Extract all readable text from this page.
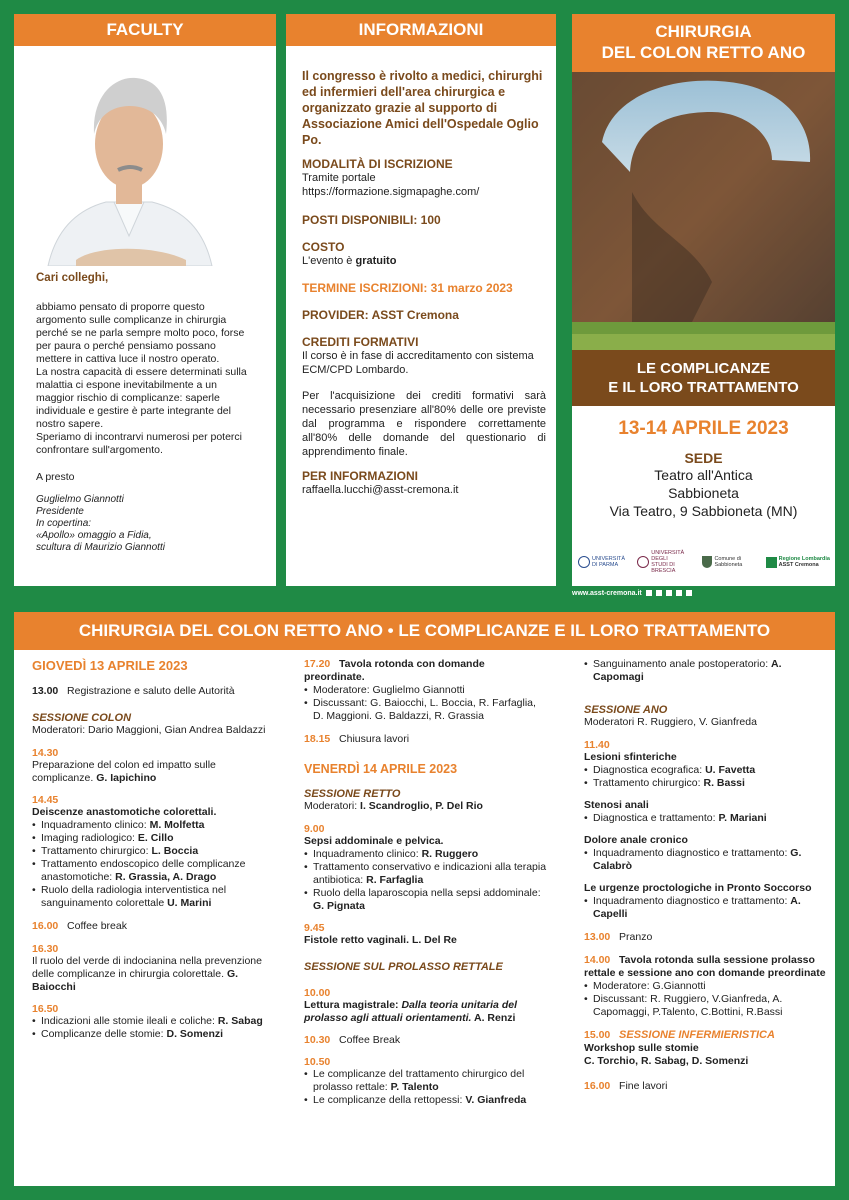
FACULTY
Cari colleghi,
abbiamo pensato di proporre questo argomento sulle complicanze in chirurgia perché se ne parla sempre molto poco, forse per paura o perché pensiamo possano mettere in cattiva luce il nostro operato.
La nostra capacità di essere determinati sulla malattia ci espone inevitabilmente a un maggior rischio di complicanze: saperle individuale e gestire è parte integrante del nostro sapere.
Speriamo di incontrarvi numerosi per poterci confrontare sull'argomento.
A presto
Guglielmo Giannotti
Presidente
In copertina:
«Apollo» omaggio a Fidia,
scultura di Maurizio Giannotti
INFORMAZIONI
Il congresso è rivolto a medici, chirurghi ed infermieri dell'area chirurgica e organizzato grazie al supporto di Associazione Amici dell'Ospedale Oglio Po.
MODALITÀ DI ISCRIZIONE
Tramite portale
https://formazione.sigmapaghe.com/
POSTI DISPONIBILI: 100
COSTO
L'evento è gratuito
TERMINE ISCRIZIONI: 31 marzo 2023
PROVIDER: ASST Cremona
CREDITI FORMATIVI
Il corso è in fase di accreditamento con sistema ECM/CPD Lombardo.
Per l'acquisizione dei crediti formativi sarà necessario presenziare all'80% delle ore previste dal programma e rispondere correttamente all'80% delle domande del questionario di apprendimento finale.
PER INFORMAZIONI
raffaella.lucchi@asst-cremona.it
CHIRURGIA
DEL COLON RETTO ANO
LE COMPLICANZE
E IL LORO TRATTAMENTO
13-14 APRILE 2023
SEDE
Teatro all'Antica
Sabbioneta
Via Teatro, 9 Sabbioneta (MN)
UNIVERSITÀ DI PARMA
UNIVERSITÀ DEGLI STUDI DI BRESCIA
Comune di Sabbioneta
Regione Lombardia
ASST Cremona
www.asst-cremona.it
CHIRURGIA DEL COLON RETTO ANO • LE COMPLICANZE E IL LORO TRATTAMENTO
GIOVEDÌ 13 APRILE 2023
13.00 Registrazione e saluto delle Autorità
SESSIONE COLON
Moderatori: Dario Maggioni, Gian Andrea Baldazzi
14.30
Preparazione del colon ed impatto sulle complicanze. G. Iapichino
14.45
Deiscenze anastomotiche colorettali.
• Inquadramento clinico: M. Molfetta
• Imaging radiologico: E. Cillo
• Trattamento chirurgico: L. Boccia
• Trattamento endoscopico delle complicanze anastomotiche: R. Grassia, A. Drago
• Ruolo della radiologia interventistica nel sanguinamento colorettale U. Marini
16.00 Coffee break
16.30
Il ruolo del verde di indocianina nella prevenzione delle complicanze in chirurgia colorettale. G. Baiocchi
16.50
• Indicazioni alle stomie ileali e coliche: R. Sabag
• Complicanze delle stomie: D. Somenzi
17.20 Tavola rotonda con domande preordinate.
• Moderatore: Guglielmo Giannotti
• Discussant: G. Baiocchi, L. Boccia, R. Farfaglia, D. Maggioni. G. Baldazzi, R. Grassia
18.15 Chiusura lavori
VENERDÌ 14 APRILE 2023
SESSIONE RETTO
Moderatori: I. Scandroglio, P. Del Rio
9.00
Sepsi addominale e pelvica.
• Inquadramento clinico: R. Ruggero
• Trattamento conservativo e indicazioni alla terapia antibiotica: R. Farfaglia
• Ruolo della laparoscopia nella sepsi addominale: G. Pignata
9.45
Fistole retto vaginali. L. Del Re
SESSIONE SUL PROLASSO RETTALE
10.00
Lettura magistrale: Dalla teoria unitaria del prolasso agli attuali orientamenti. A. Renzi
10.30 Coffee Break
10.50
• Le complicanze del trattamento chirurgico del prolasso rettale: P. Talento
• Le complicanze della rettopessi: V. Gianfreda
• Sanguinamento anale postoperatorio: A. Capomagi
SESSIONE ANO
Moderatori R. Ruggiero, V. Gianfreda
11.40
Lesioni sfinteriche
• Diagnostica ecografica: U. Favetta
• Trattamento chirurgico: R. Bassi
Stenosi anali
• Diagnostica e trattamento: P. Mariani
Dolore anale cronico
• Inquadramento diagnostico e trattamento: G. Calabrò
Le urgenze proctologiche in Pronto Soccorso
• Inquadramento diagnostico e trattamento: A. Capelli
13.00 Pranzo
14.00 Tavola rotonda sulla sessione prolasso rettale e sessione ano con domande preordinate
• Moderatore: G.Giannotti
• Discussant: R. Ruggiero, V.Gianfreda, A. Capomaggi, P.Talento, C.Bottini, R.Bassi
15.00 SESSIONE INFERMIERISTICA
Workshop sulle stomie
C. Torchio, R. Sabag, D. Somenzi
16.00 Fine lavori
